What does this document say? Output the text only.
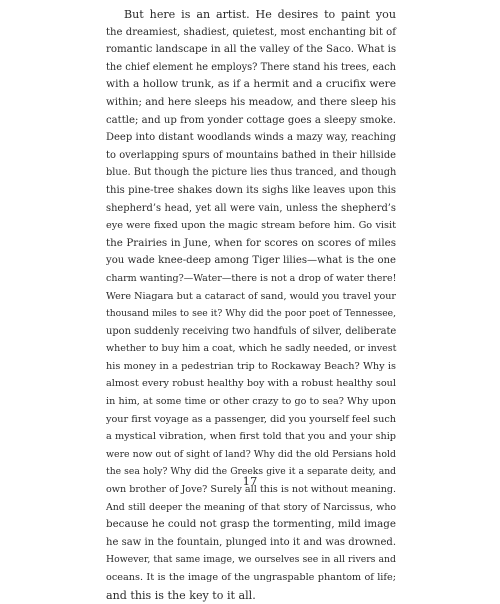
But here is an artist. He desires to paint you
the dreamiest, shadiest, quietest, most enchanting bit of
romantic landscape in all the valley of the Saco. What is
the chief element he employs? There stand his trees, each
with a hollow trunk, as if a hermit and a crucifix were
within; and here sleeps his meadow, and there sleep his
cattle; and up from yonder cottage goes a sleepy smoke.
Deep into distant woodlands winds a mazy way, reaching
to overlapping spurs of mountains bathed in their hillside
blue. But though the picture lies thus tranced, and though
this pine-tree shakes down its sighs like leaves upon this
shepherd’s head, yet all were vain, unless the shepherd’s
eye were fixed upon the magic stream before him. Go visit
the Prairies in June, when for scores on scores of miles
you wade knee-deep among Tiger lilies—what is the one
charm wanting?—Water—there is not a drop of water there!
Were Niagara but a cataract of sand, would you travel your
thousand miles to see it? Why did the poor poet of Tennessee,
upon suddenly receiving two handfuls of silver, deliberate
whether to buy him a coat, which he sadly needed, or invest
his money in a pedestrian trip to Rockaway Beach? Why is
almost every robust healthy boy with a robust healthy soul
in him, at some time or other crazy to go to sea? Why upon
your first voyage as a passenger, did you yourself feel such
a mystical vibration, when first told that you and your ship
were now out of sight of land? Why did the old Persians hold
the sea holy? Why did the Greeks give it a separate deity, and
own brother of Jove? Surely all this is not without meaning.
And still deeper the meaning of that story of Narcissus, who
because he could not grasp the tormenting, mild image
he saw in the fountain, plunged into it and was drowned.
However, that same image, we ourselves see in all rivers and
oceans. It is the image of the ungraspable phantom of life;
and this is the key to it all.
17
